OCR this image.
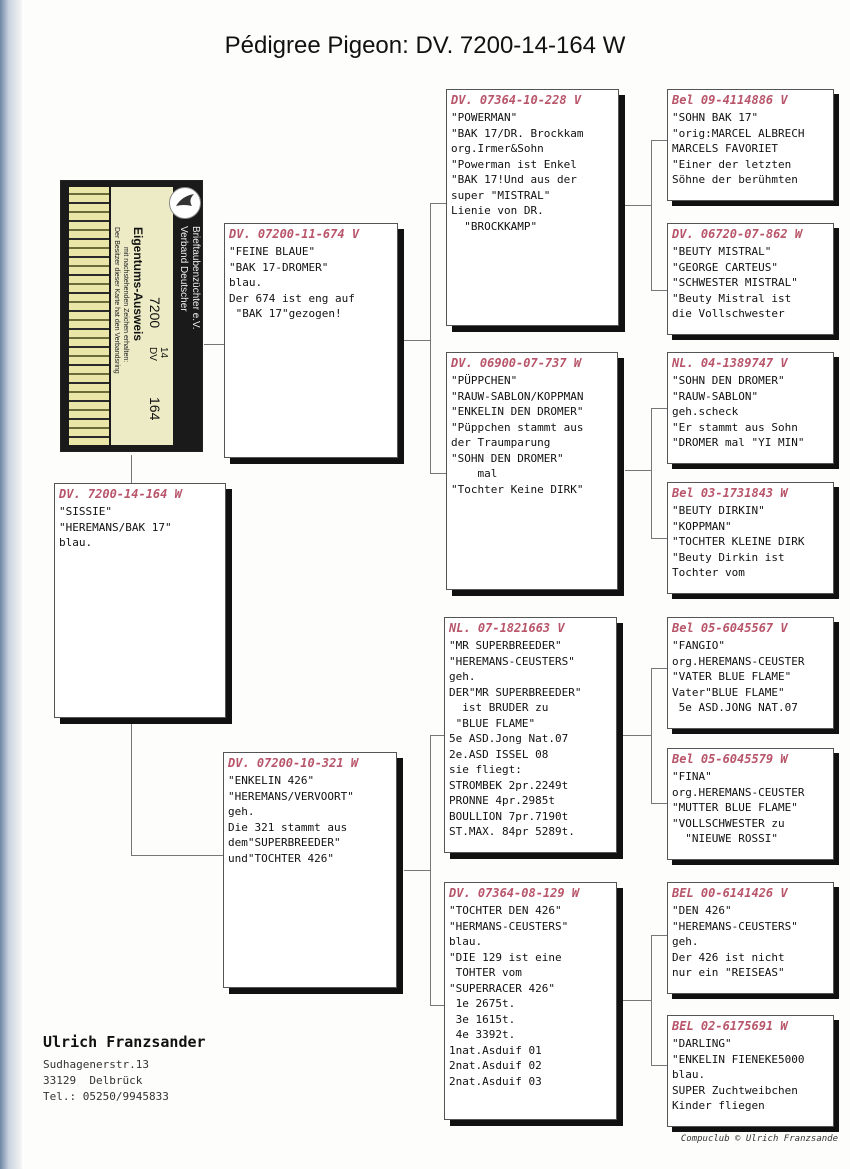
Pédigree Pigeon: DV. 7200-14-164 W
Der Besitzer dieser Karte hat den Verbandsring mit nachstehenden Zeichen erhalten: Eigentums-Ausweis 7200
DV 14
164
Verband Deutscher Brieftaubenzüchter e.V.
DV. 7200-14-164 W
"SISSIE"
"HEREMANS/BAK 17"
blau.
DV. 07200-11-674 V
"FEINE BLAUE"
"BAK 17-DROMER"
blau.
Der 674 ist eng auf
"BAK 17"gezogen!
DV. 07200-10-321 W
"ENKELIN 426"
"HEREMANS/VERVOORT"
geh.
Die 321 stammt aus
dem"SUPERBREEDER"
und"TOCHTER 426"
DV. 07364-10-228 V
"POWERMAN"
"BAK 17/DR. Brockkam
org.Irmer&Sohn
"Powerman ist Enkel
"BAK 17!Und aus der
super "MISTRAL"
Lienie von DR.
"BROCKKAMP"
DV. 06900-07-737 W
"PÜPPCHEN"
"RAUW-SABLON/KOPPMAN
"ENKELIN DEN DROMER"
"Püppchen stammt aus
der Traumparung
"SOHN DEN DROMER"
mal
"Tochter Keine DIRK"
NL. 07-1821663 V
"MR SUPERBREEDER"
"HEREMANS-CEUSTERS"
geh.
DER"MR SUPERBREEDER"
ist BRUDER zu
"BLUE FLAME"
5e ASD.Jong Nat.07
2e.ASD ISSEL 08
sie fliegt:
STROMBEK 2pr.2249t
PRONNE 4pr.2985t
BOULLION 7pr.7190t
ST.MAX. 84pr 5289t.
DV. 07364-08-129 W
"TOCHTER DEN 426"
"HERMANS-CEUSTERS"
blau.
"DIE 129 ist eine
TOHTER vom
"SUPERRACER 426"
1e 2675t.
3e 1615t.
4e 3392t.
1nat.Asduif 01
2nat.Asduif 02
2nat.Asduif 03
Bel 09-4114886 V
"SOHN BAK 17"
"orig:MARCEL ALBRECH
MARCELS FAVORIET
"Einer der letzten
Söhne der berühmten
DV. 06720-07-862 W
"BEUTY MISTRAL"
"GEORGE CARTEUS"
"SCHWESTER MISTRAL"
"Beuty Mistral ist
die Vollschwester
NL. 04-1389747 V
"SOHN DEN DROMER"
"RAUW-SABLON"
geh.scheck
"Er stammt aus Sohn
"DROMER mal "YI MIN"
Bel 03-1731843 W
"BEUTY DIRKIN"
"KOPPMAN"
"TOCHTER KLEINE DIRK
"Beuty Dirkin ist
Tochter vom
Bel 05-6045567 V
"FANGIO"
org.HEREMANS-CEUSTER
"VATER BLUE FLAME"
Vater"BLUE FLAME"
5e ASD.JONG NAT.07
Bel 05-6045579 W
"FINA"
org.HEREMANS-CEUSTER
"MUTTER BLUE FLAME"
"VOLLSCHWESTER zu
"NIEUWE ROSSI"
BEL 00-6141426 V
"DEN 426"
"HEREMANS-CEUSTERS"
geh.
Der 426 ist nicht
nur ein "REISEAS"
BEL 02-6175691 W
"DARLING"
"ENKELIN FIENEKE5000
blau.
SUPER Zuchtweibchen
Kinder fliegen
Ulrich Franzsander
Sudhagenerstr.13
33129  Delbrück
Tel.: 05250/9945833
Compuclub © Ulrich Franzsande
